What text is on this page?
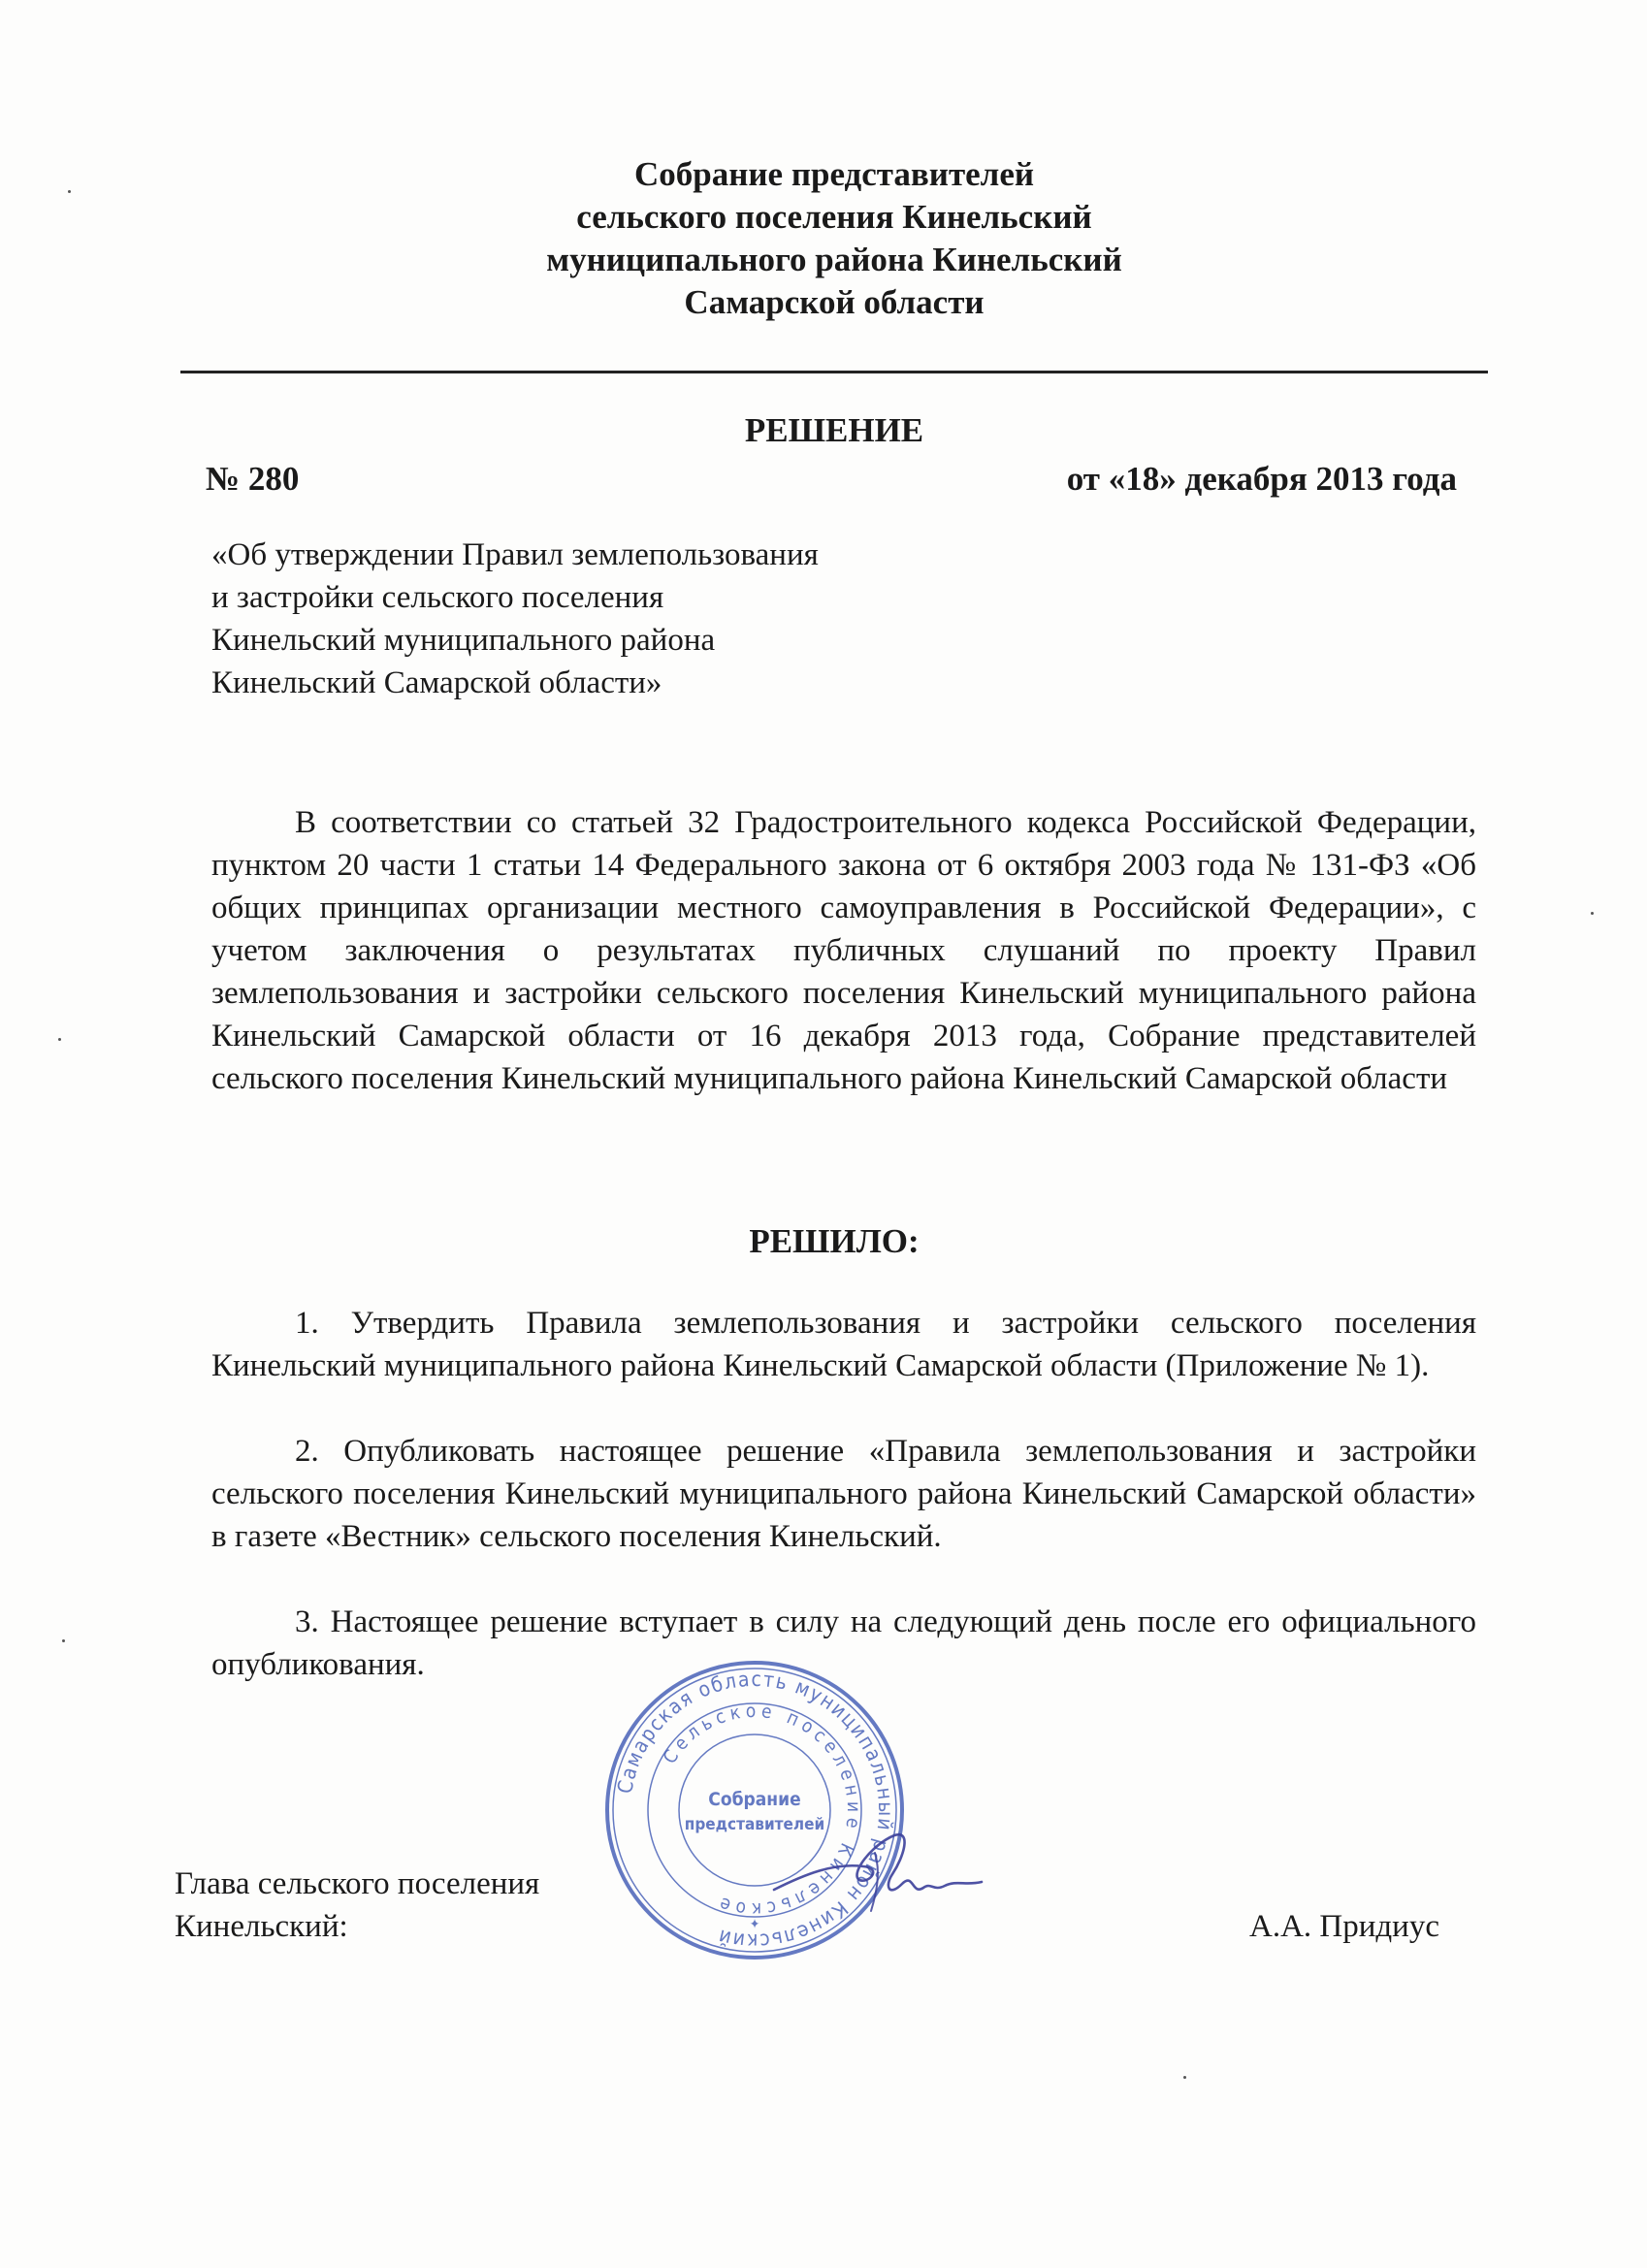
Собрание представителей
сельского поселения Кинельский
муниципального района Кинельский
Самарской области
РЕШЕНИЕ
№ 280	от «18» декабря 2013 года
«Об утверждении Правил землепользования
и застройки сельского поселения
Кинельский муниципального района
Кинельский Самарской области»
В соответствии со статьей 32 Градостроительного кодекса Российской Федерации, пунктом 20 части 1 статьи 14 Федерального закона от 6 октября 2003 года № 131-ФЗ «Об общих принципах организации местного самоуправления в Российской Федерации», с учетом заключения о результатах публичных слушаний по проекту Правил землепользования и застройки сельского поселения Кинельский муниципального района Кинельский Самарской области от 16 декабря 2013 года, Собрание представителей сельского поселения Кинельский муниципального района Кинельский Самарской области
РЕШИЛО:
1. Утвердить Правила землепользования и застройки сельского поселения Кинельский муниципального района Кинельский Самарской области (Приложение № 1).
2. Опубликовать настоящее решение «Правила землепользования и застройки сельского поселения Кинельский муниципального района Кинельский Самарской области» в газете «Вестник» сельского поселения Кинельский.
3. Настоящее решение вступает в силу на следующий день после его официального опубликования.
Глава сельского поселения
Кинельский:	А.А. Придиус
Самарская область муниципальный район Кинельский
Сельское поселение Кинельское
Собрание
представителей
✦
